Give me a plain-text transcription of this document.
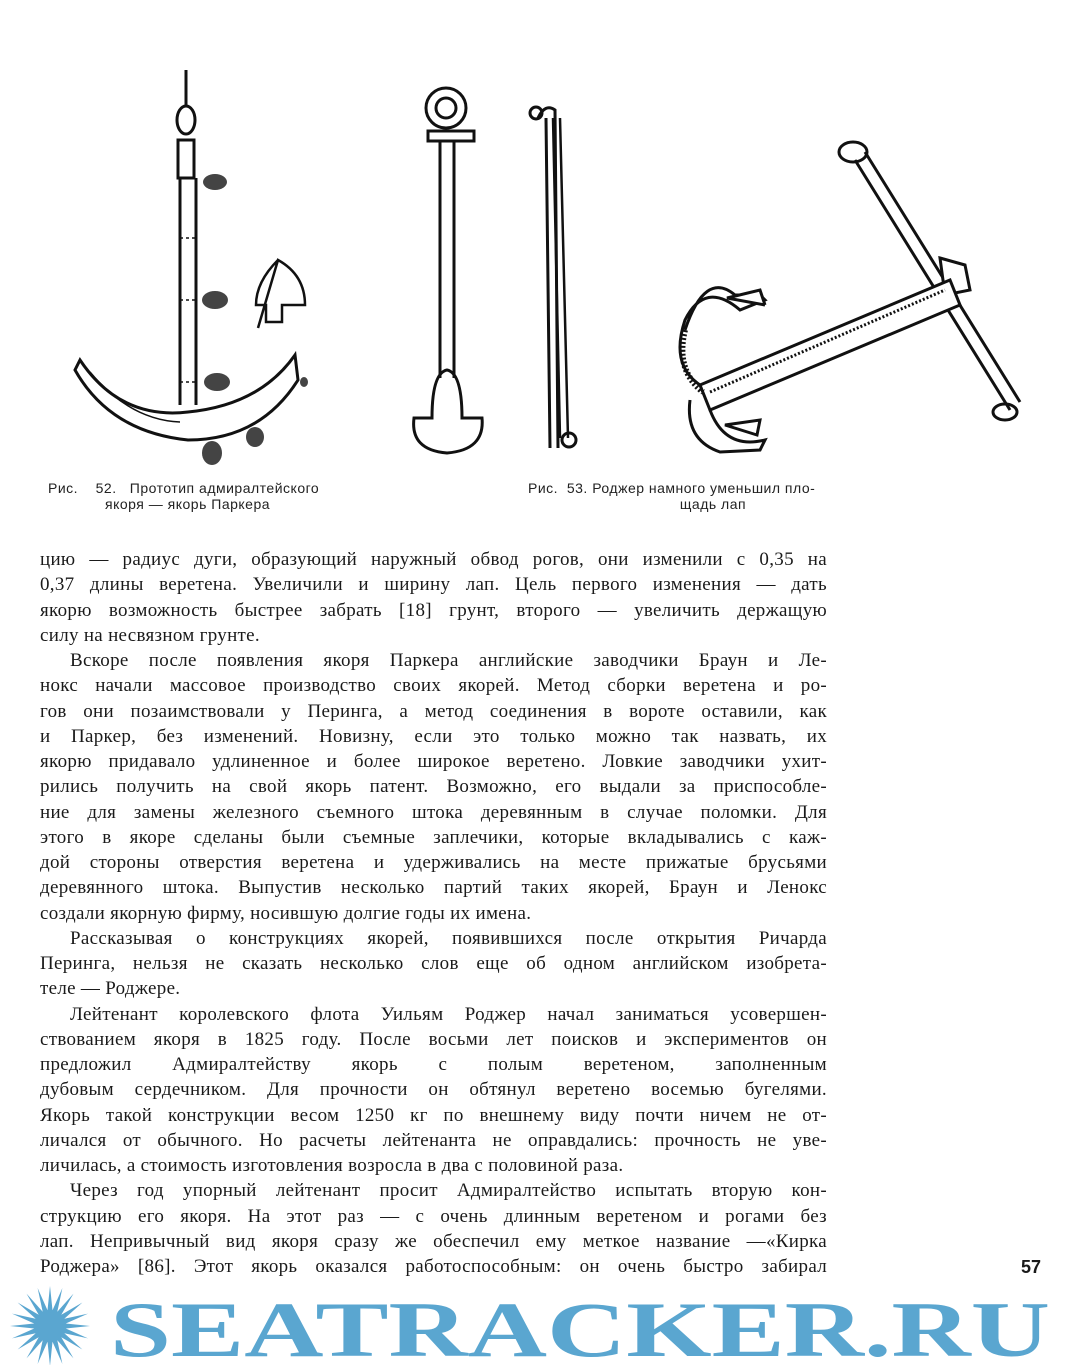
Рис. 52. Прототип адмиралтейского
якоря — якорь Паркера
Рис. 53. Роджер намного уменьшил пло-
щадь лап
цию — радиус дуги, образующий наружный обвод рогов, они изменили с 0,35 на
0,37 длины веретена. Увеличили и ширину лап. Цель первого изменения — дать
якорю возможность быстрее забрать [18] грунт, второго — увеличить держащую
силу на несвязном грунте.
Вскоре после появления якоря Паркера английские заводчики Браун и Ле-
нокс начали массовое производство своих якорей. Метод сборки веретена и ро-
гов они позаимствовали у Перинга, а метод соединения в вороте оставили, как
и Паркер, без изменений. Новизну, если это только можно так назвать, их
якорю придавало удлиненное и более широкое веретено. Ловкие заводчики ухит-
рились получить на свой якорь патент. Возможно, его выдали за приспособле-
ние для замены железного съемного штока деревянным в случае поломки. Для
этого в якоре сделаны были съемные заплечики, которые вкладывались с каж-
дой стороны отверстия веретена и удерживались на месте прижатые брусьями
деревянного штока. Выпустив несколько партий таких якорей, Браун и Ленокс
создали якорную фирму, носившую долгие годы их имена.
Рассказывая о конструкциях якорей, появившихся после открытия Ричарда
Перинга, нельзя не сказать несколько слов еще об одном английском изобрета-
теле — Роджере.
Лейтенант королевского флота Уильям Роджер начал заниматься усовершен-
ствованием якоря в 1825 году. После восьми лет поисков и экспериментов он
предложил Адмиралтейству якорь с полым веретеном, заполненным
дубовым сердечником. Для прочности он обтянул веретено восемью бугелями.
Якорь такой конструкции весом 1250 кг по внешнему виду почти ничем не от-
личался от обычного. Но расчеты лейтенанта не оправдались: прочность не уве-
личилась, а стоимость изготовления возросла в два с половиной раза.
Через год упорный лейтенант просит Адмиралтейство испытать вторую кон-
струкцию его якоря. На этот раз — с очень длинным веретеном и рогами без
лап. Непривычный вид якоря сразу же обеспечил ему меткое название —«Кирка
Роджера» [86]. Этот якорь оказался работоспособным: он очень быстро забирал	57
SEATRACKER.RU
